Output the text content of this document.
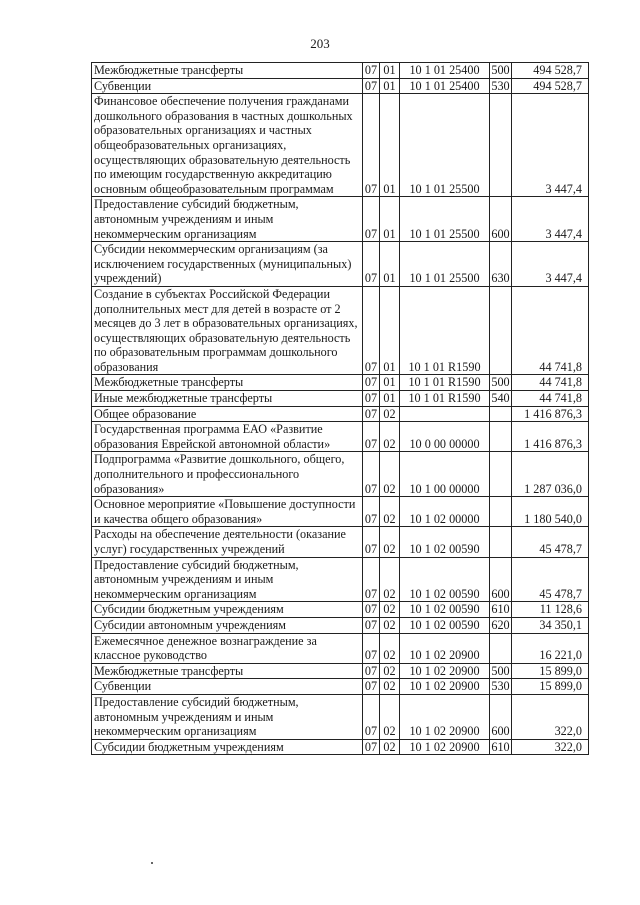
203
Межбюджетные трансферты	07	01	10 1 01 25400	500	494 528,7
Субвенции	07	01	10 1 01 25400	530	494 528,7
Финансовое обеспечение получения гражданами дошкольного образования в частных дошкольных образовательных организациях и частных общеобразовательных организациях, осуществляющих образовательную деятельность по имеющим государственную аккредитацию основным общеобразовательным программам	07	01	10 1 01 25500		3 447,4
Предоставление субсидий бюджетным, автономным учреждениям и иным некоммерческим организациям	07	01	10 1 01 25500	600	3 447,4
Субсидии некоммерческим организациям (за исключением государственных (муниципальных) учреждений)	07	01	10 1 01 25500	630	3 447,4
Создание в субъектах Российской Федерации дополнительных мест для детей в возрасте от 2 месяцев до 3 лет в образовательных организациях, осуществляющих образовательную деятельность по образовательным программам дошкольного образования	07	01	10 1 01 R1590		44 741,8
Межбюджетные трансферты	07	01	10 1 01 R1590	500	44 741,8
Иные межбюджетные трансферты	07	01	10 1 01 R1590	540	44 741,8
Общее образование	07	02			1 416 876,3
Государственная программа ЕАО «Развитие образования Еврейской автономной области»	07	02	10 0 00 00000		1 416 876,3
Подпрограмма «Развитие дошкольного, общего, дополнительного и профессионального образования»	07	02	10 1 00 00000		1 287 036,0
Основное мероприятие «Повышение доступности и качества общего образования»	07	02	10 1 02 00000		1 180 540,0
Расходы на обеспечение деятельности (оказание услуг) государственных учреждений	07	02	10 1 02 00590		45 478,7
Предоставление субсидий бюджетным, автономным учреждениям и иным некоммерческим организациям	07	02	10 1 02 00590	600	45 478,7
Субсидии бюджетным учреждениям	07	02	10 1 02 00590	610	11 128,6
Субсидии автономным учреждениям	07	02	10 1 02 00590	620	34 350,1
Ежемесячное денежное вознаграждение за классное руководство	07	02	10 1 02 20900		16 221,0
Межбюджетные трансферты	07	02	10 1 02 20900	500	15 899,0
Субвенции	07	02	10 1 02 20900	530	15 899,0
Предоставление субсидий бюджетным, автономным учреждениям и иным некоммерческим организациям	07	02	10 1 02 20900	600	322,0
Субсидии бюджетным учреждениям	07	02	10 1 02 20900	610	322,0
